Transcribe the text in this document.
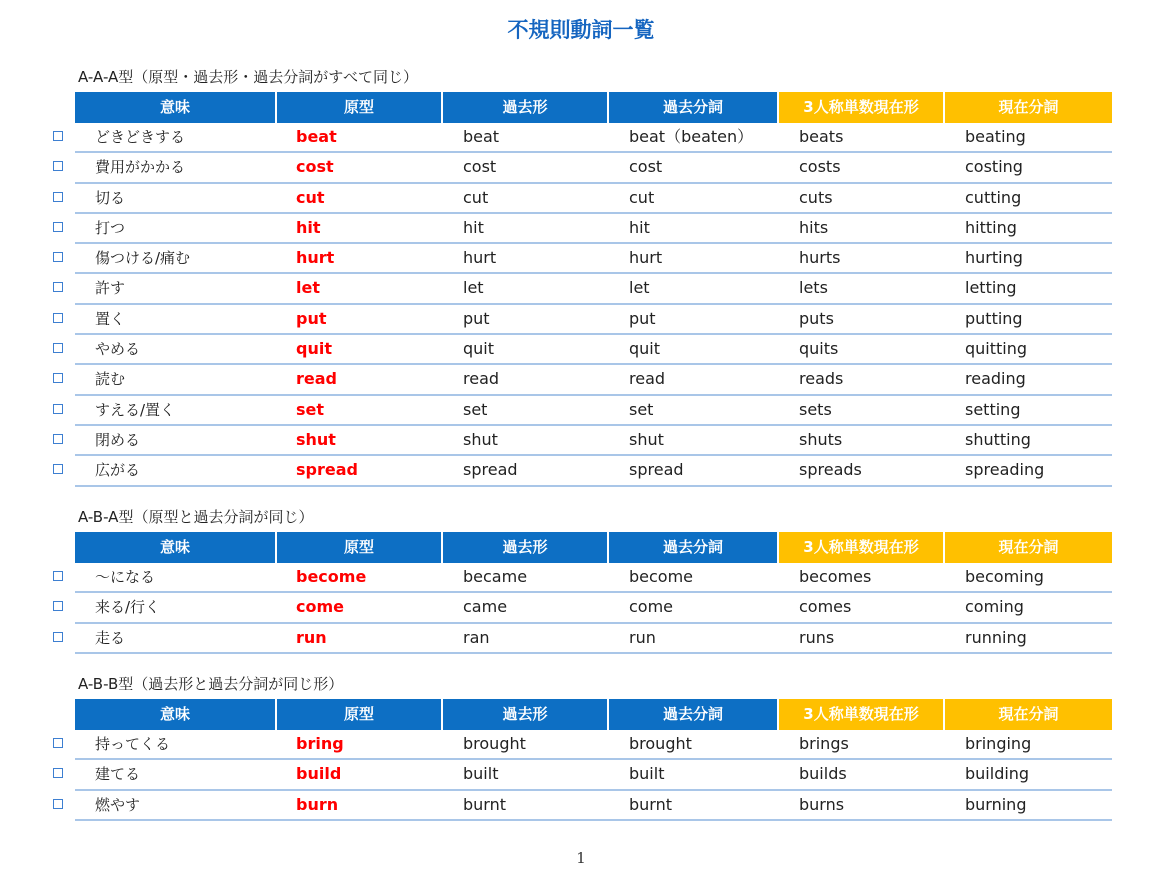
不規則動詞一覧
A-A-A型（原型・過去形・過去分詞がすべて同じ）
意味	原型	過去形	過去分詞	3人称単数現在形	現在分詞
どきどきする	beat	beat	beat（beaten）	beats	beating
費用がかかる	cost	cost	cost	costs	costing
切る	cut	cut	cut	cuts	cutting
打つ	hit	hit	hit	hits	hitting
傷つける/痛む	hurt	hurt	hurt	hurts	hurting
許す	let	let	let	lets	letting
置く	put	put	put	puts	putting
やめる	quit	quit	quit	quits	quitting
読む	read	read	read	reads	reading
すえる/置く	set	set	set	sets	setting
閉める	shut	shut	shut	shuts	shutting
広がる	spread	spread	spread	spreads	spreading
A-B-A型（原型と過去分詞が同じ）
意味	原型	過去形	過去分詞	3人称単数現在形	現在分詞
～になる	become	became	become	becomes	becoming
来る/行く	come	came	come	comes	coming
走る	run	ran	run	runs	running
A-B-B型（過去形と過去分詞が同じ形）
意味	原型	過去形	過去分詞	3人称単数現在形	現在分詞
持ってくる	bring	brought	brought	brings	bringing
建てる	build	built	built	builds	building
燃やす	burn	burnt	burnt	burns	burning
1
